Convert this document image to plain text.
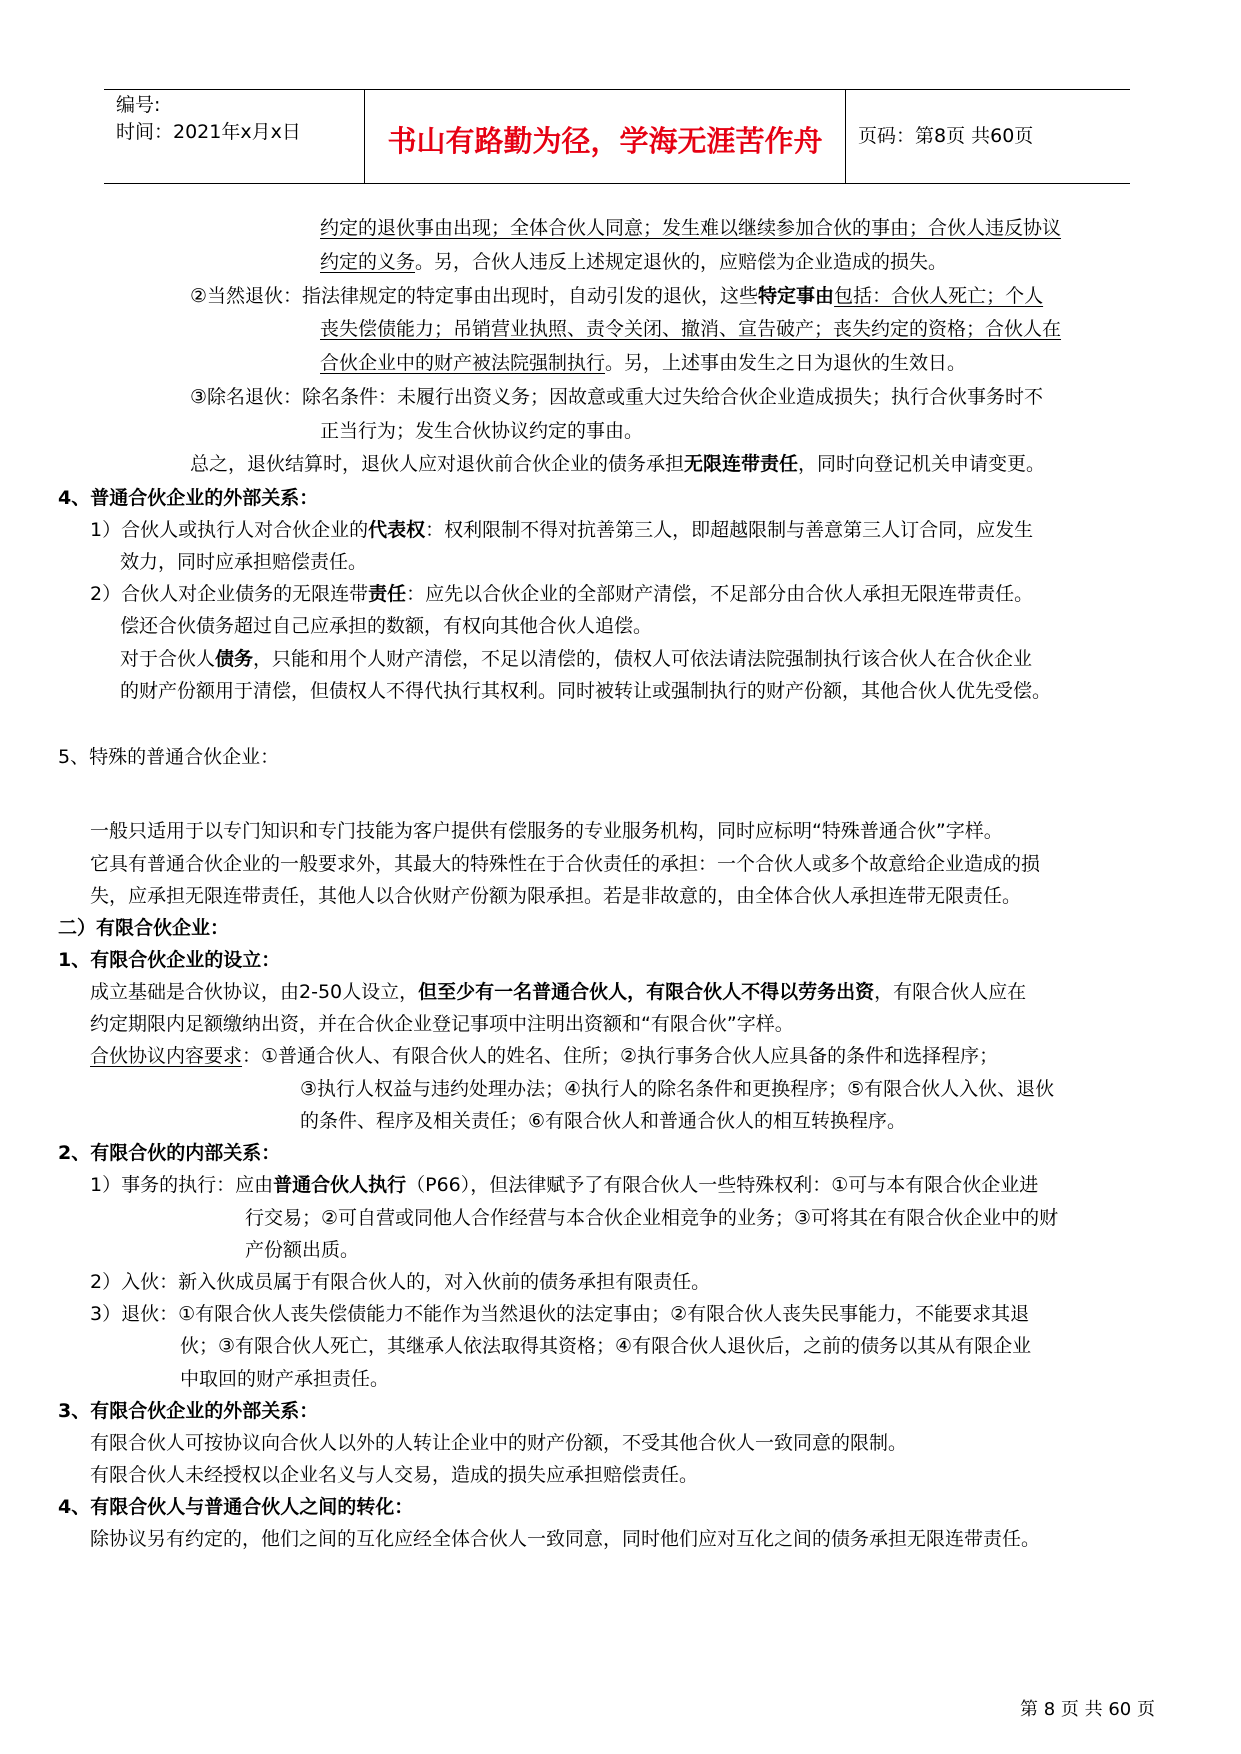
编号:
时间：2021年x月x日	书山有路勤为径，学海无涯苦作舟	页码：第8页 共60页
约定的退伙事由出现；全体合伙人同意；发生难以继续参加合伙的事由；合伙人违反协议
约定的义务。另，合伙人违反上述规定退伙的，应赔偿为企业造成的损失。
②当然退伙：指法律规定的特定事由出现时，自动引发的退伙，这些特定事由包括：合伙人死亡；个人
丧失偿债能力；吊销营业执照、责令关闭、撤消、宣告破产；丧失约定的资格；合伙人在
合伙企业中的财产被法院强制执行。另，上述事由发生之日为退伙的生效日。
③除名退伙：除名条件：未履行出资义务；因故意或重大过失给合伙企业造成损失；执行合伙事务时不
正当行为；发生合伙协议约定的事由。
总之，退伙结算时，退伙人应对退伙前合伙企业的债务承担无限连带责任，同时向登记机关申请变更。
4、普通合伙企业的外部关系：
1）合伙人或执行人对合伙企业的代表权：权利限制不得对抗善第三人，即超越限制与善意第三人订合同，应发生
效力，同时应承担赔偿责任。
2）合伙人对企业债务的无限连带责任：应先以合伙企业的全部财产清偿，不足部分由合伙人承担无限连带责任。
偿还合伙债务超过自己应承担的数额，有权向其他合伙人追偿。
对于合伙人债务，只能和用个人财产清偿，不足以清偿的，债权人可依法请法院强制执行该合伙人在合伙企业
的财产份额用于清偿，但债权人不得代执行其权利。同时被转让或强制执行的财产份额，其他合伙人优先受偿。
5、特殊的普通合伙企业：
一般只适用于以专门知识和专门技能为客户提供有偿服务的专业服务机构，同时应标明“特殊普通合伙”字样。
它具有普通合伙企业的一般要求外，其最大的特殊性在于合伙责任的承担：一个合伙人或多个故意给企业造成的损
失，应承担无限连带责任，其他人以合伙财产份额为限承担。若是非故意的，由全体合伙人承担连带无限责任。
二）有限合伙企业：
1、有限合伙企业的设立：
成立基础是合伙协议，由2-50人设立，但至少有一名普通合伙人，有限合伙人不得以劳务出资，有限合伙人应在
约定期限内足额缴纳出资，并在合伙企业登记事项中注明出资额和“有限合伙”字样。
合伙协议内容要求：①普通合伙人、有限合伙人的姓名、住所；②执行事务合伙人应具备的条件和选择程序；
③执行人权益与违约处理办法；④执行人的除名条件和更换程序；⑤有限合伙人入伙、退伙
的条件、程序及相关责任；⑥有限合伙人和普通合伙人的相互转换程序。
2、有限合伙的内部关系：
1）事务的执行：应由普通合伙人执行（P66），但法律赋予了有限合伙人一些特殊权利：①可与本有限合伙企业进
行交易；②可自营或同他人合作经营与本合伙企业相竞争的业务；③可将其在有限合伙企业中的财
产份额出质。
2）入伙：新入伙成员属于有限合伙人的，对入伙前的债务承担有限责任。
3）退伙：①有限合伙人丧失偿债能力不能作为当然退伙的法定事由；②有限合伙人丧失民事能力，不能要求其退
伙；③有限合伙人死亡，其继承人依法取得其资格；④有限合伙人退伙后，之前的债务以其从有限企业
中取回的财产承担责任。
3、有限合伙企业的外部关系：
有限合伙人可按协议向合伙人以外的人转让企业中的财产份额，不受其他合伙人一致同意的限制。
有限合伙人未经授权以企业名义与人交易，造成的损失应承担赔偿责任。
4、有限合伙人与普通合伙人之间的转化：
除协议另有约定的，他们之间的互化应经全体合伙人一致同意，同时他们应对互化之间的债务承担无限连带责任。
第 8 页 共 60 页
